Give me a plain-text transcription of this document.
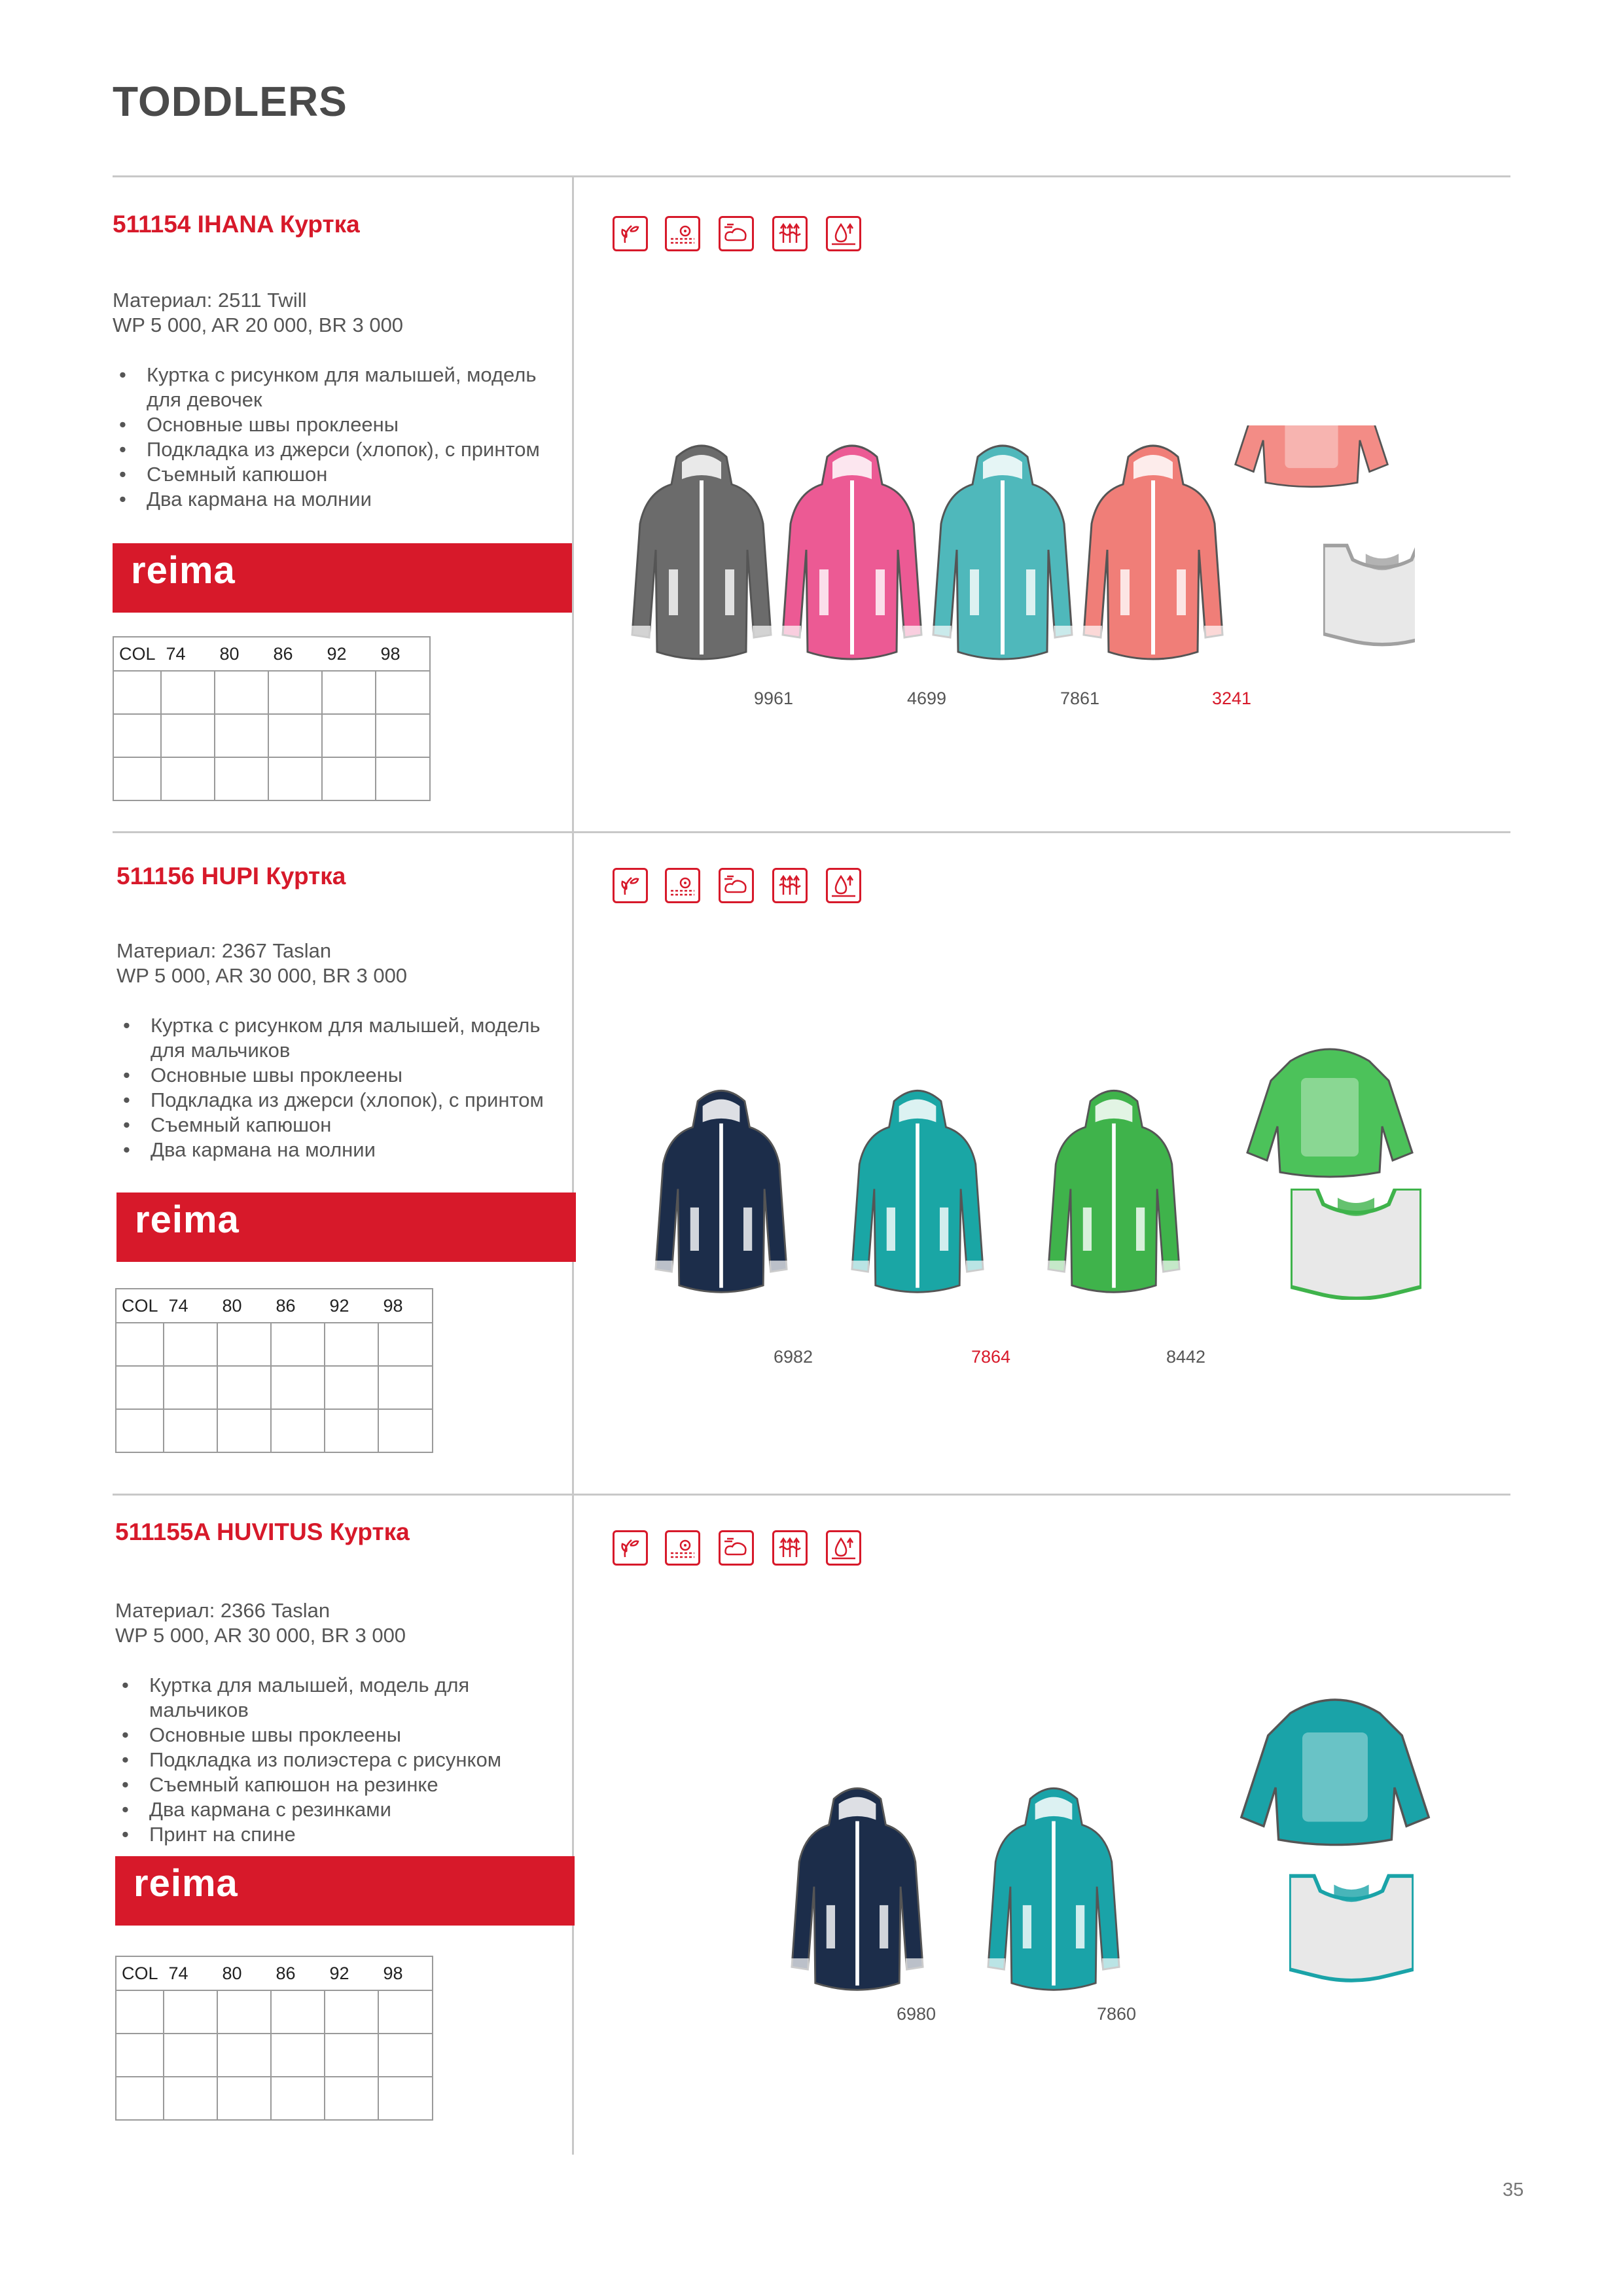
TODDLERS
511154 IHANA Куртка
Материал: 2511 Twill
WP 5 000, AR 20 000, BR 3 000
• Куртка с рисунком для малышей, модель для девочек
• Основные швы проклеены
• Подкладка из джерси (хлопок), с принтом
• Съемный капюшон
• Два кармана на молнии
reima
COL	74	80	86	92	98

9961	4699	7861	3241
511156 HUPI Куртка
Материал: 2367 Taslan
WP 5 000, AR 30 000, BR 3 000
• Куртка с рисунком для малышей, модель для мальчиков
• Основные швы проклеены
• Подкладка из джерси (хлопок), с принтом
• Съемный капюшон
• Два кармана на молнии
reima
COL	74	80	86	92	98

6982	7864	8442
511155A HUVITUS Куртка
Материал: 2366 Taslan
WP 5 000, AR 30 000, BR 3 000
• Куртка для малышей, модель для мальчиков
• Основные швы проклеены
• Подкладка из полиэстера с рисунком
• Съемный капюшон на резинке
• Два кармана с резинками
• Принт на спине
reima
COL	74	80	86	92	98

6980	7860
35
